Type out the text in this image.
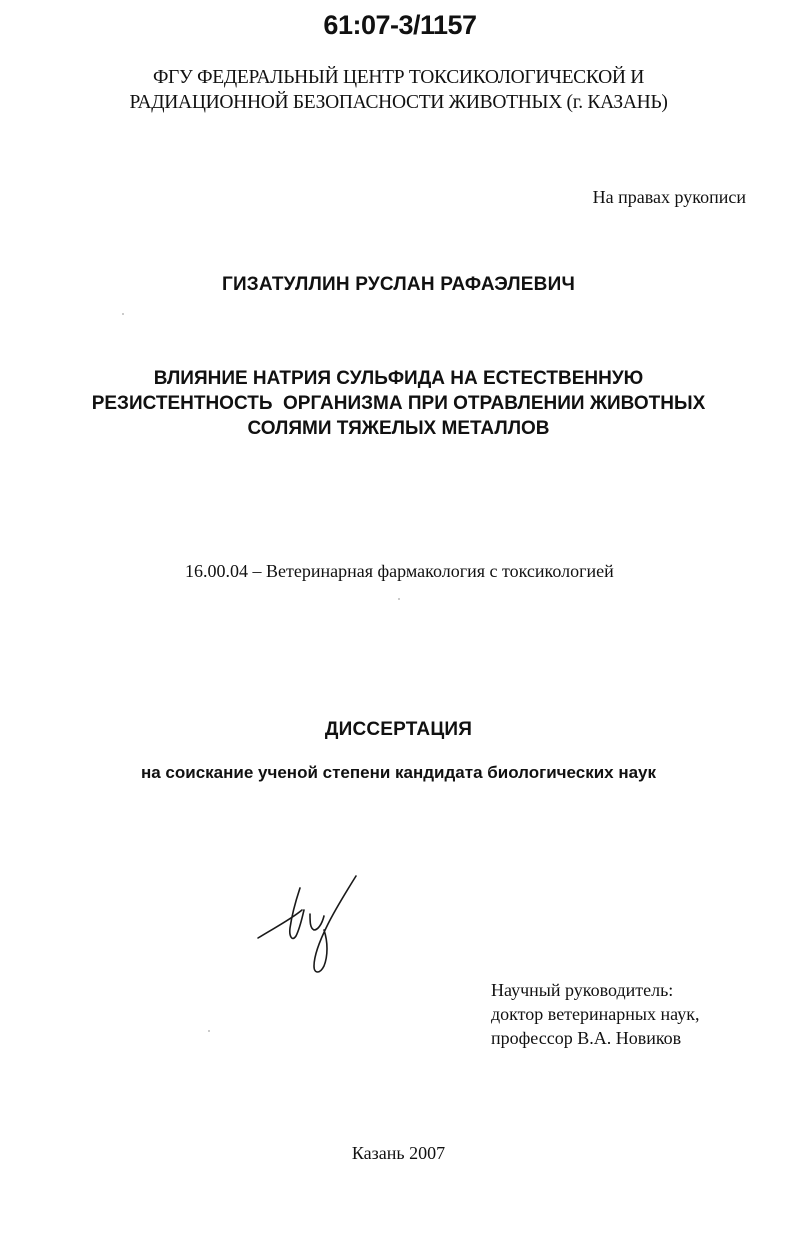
61:07-3/1157
ФГУ ФЕДЕРАЛЬНЫЙ ЦЕНТР ТОКСИКОЛОГИЧЕСКОЙ И
РАДИАЦИОННОЙ БЕЗОПАСНОСТИ ЖИВОТНЫХ (г. КАЗАНЬ)
На правах рукописи
ГИЗАТУЛЛИН РУСЛАН РАФАЭЛЕВИЧ
ВЛИЯНИЕ НАТРИЯ СУЛЬФИДА НА ЕСТЕСТВЕННУЮ
РЕЗИСТЕНТНОСТЬ  ОРГАНИЗМА ПРИ ОТРАВЛЕНИИ ЖИВОТНЫХ
СОЛЯМИ ТЯЖЕЛЫХ МЕТАЛЛОВ
16.00.04 – Ветеринарная фармакология с токсикологией
ДИССЕРТАЦИЯ
на соискание ученой степени кандидата биологических наук
Научный руководитель:
доктор ветеринарных наук,
профессор В.А. Новиков
Казань 2007
